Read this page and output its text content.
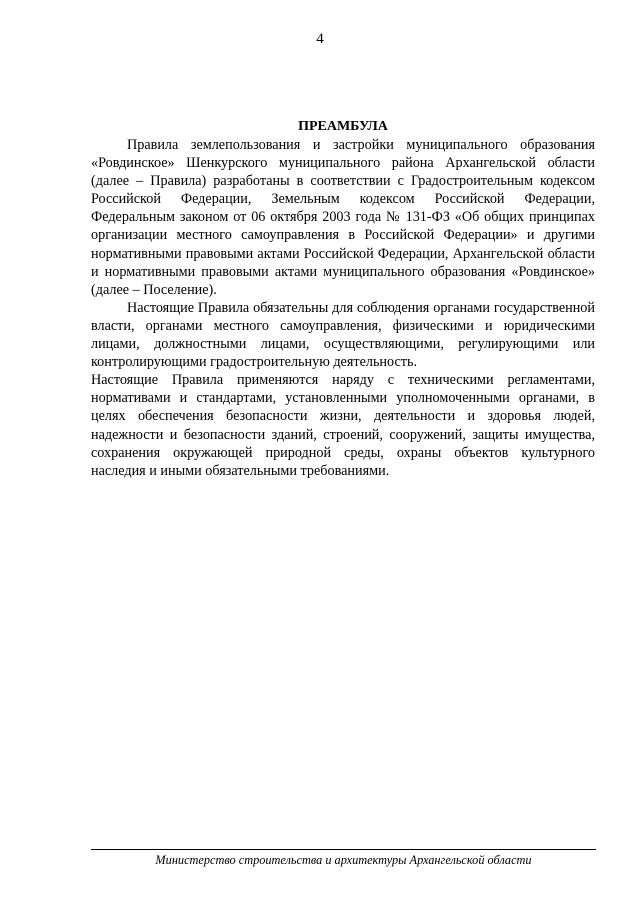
4

ПРЕАМБУЛА

Правила землепользования и застройки муниципального образования «Ровдинское» Шенкурского муниципального района Архангельской области (далее – Правила) разработаны в соответствии с Градостроительным кодексом Российской Федерации, Земельным кодексом Российской Федерации, Федеральным законом от 06 октября 2003 года № 131-ФЗ «Об общих принципах организации местного самоуправления в Российской Федерации» и другими нормативными правовыми актами Российской Федерации, Архангельской области и нормативными правовыми актами муниципального образования «Ровдинское» (далее – Поселение).

Настоящие Правила обязательны для соблюдения органами государственной власти, органами местного самоуправления, физическими и юридическими лицами, должностными лицами, осуществляющими, регулирующими или контролирующими градостроительную деятельность.

Настоящие Правила применяются наряду с техническими регламентами, нормативами и стандартами, установленными уполномоченными органами, в целях обеспечения безопасности жизни, деятельности и здоровья людей, надежности и безопасности зданий, строений, сооружений, защиты имущества, сохранения окружающей природной среды, охраны объектов культурного наследия и иными обязательными требованиями.

Министерство строительства и архитектуры Архангельской области
